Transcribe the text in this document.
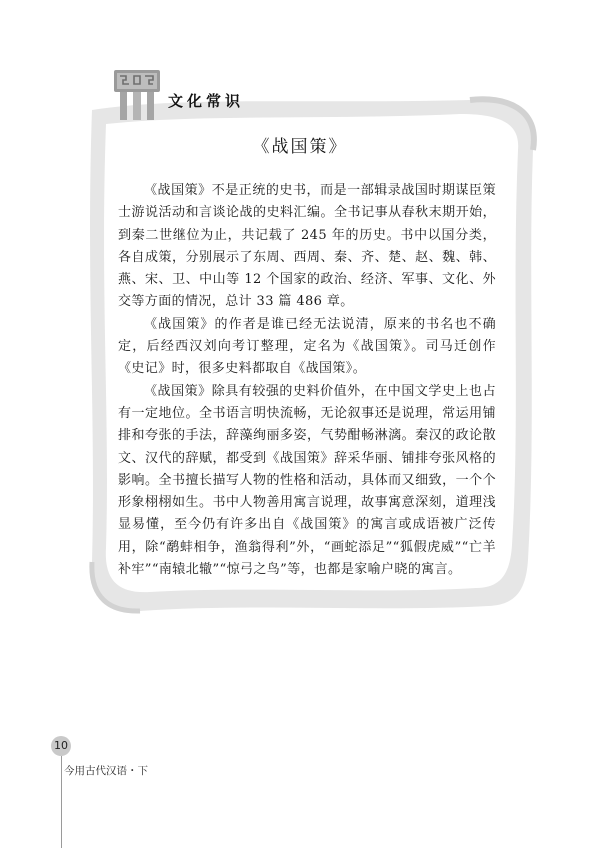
文化常识
《战国策》

《战国策》不是正统的史书，而是一部辑录战国时期谋臣策士游说活动和言谈论战的史料汇编。全书记事从春秋末期开始，到秦二世继位为止，共记载了 245 年的历史。书中以国分类，各自成策，分别展示了东周、西周、秦、齐、楚、赵、魏、韩、燕、宋、卫、中山等 12 个国家的政治、经济、军事、文化、外交等方面的情况，总计 33 篇 486 章。

《战国策》的作者是谁已经无法说清，原来的书名也不确定，后经西汉刘向考订整理，定名为《战国策》。司马迁创作《史记》时，很多史料都取自《战国策》。

《战国策》除具有较强的史料价值外，在中国文学史上也占有一定地位。全书语言明快流畅，无论叙事还是说理，常运用铺排和夸张的手法，辞藻绚丽多姿，气势酣畅淋漓。秦汉的政论散文、汉代的辞赋，都受到《战国策》辞采华丽、铺排夸张风格的影响。全书擅长描写人物的性格和活动，具体而又细致，一个个形象栩栩如生。书中人物善用寓言说理，故事寓意深刻，道理浅显易懂，至今仍有许多出自《战国策》的寓言或成语被广泛传用，除“鹬蚌相争，渔翁得利”外，“画蛇添足”“狐假虎威”“亡羊补牢”“南辕北辙”“惊弓之鸟”等，也都是家喻户晓的寓言。

10
今用古代汉语・下
